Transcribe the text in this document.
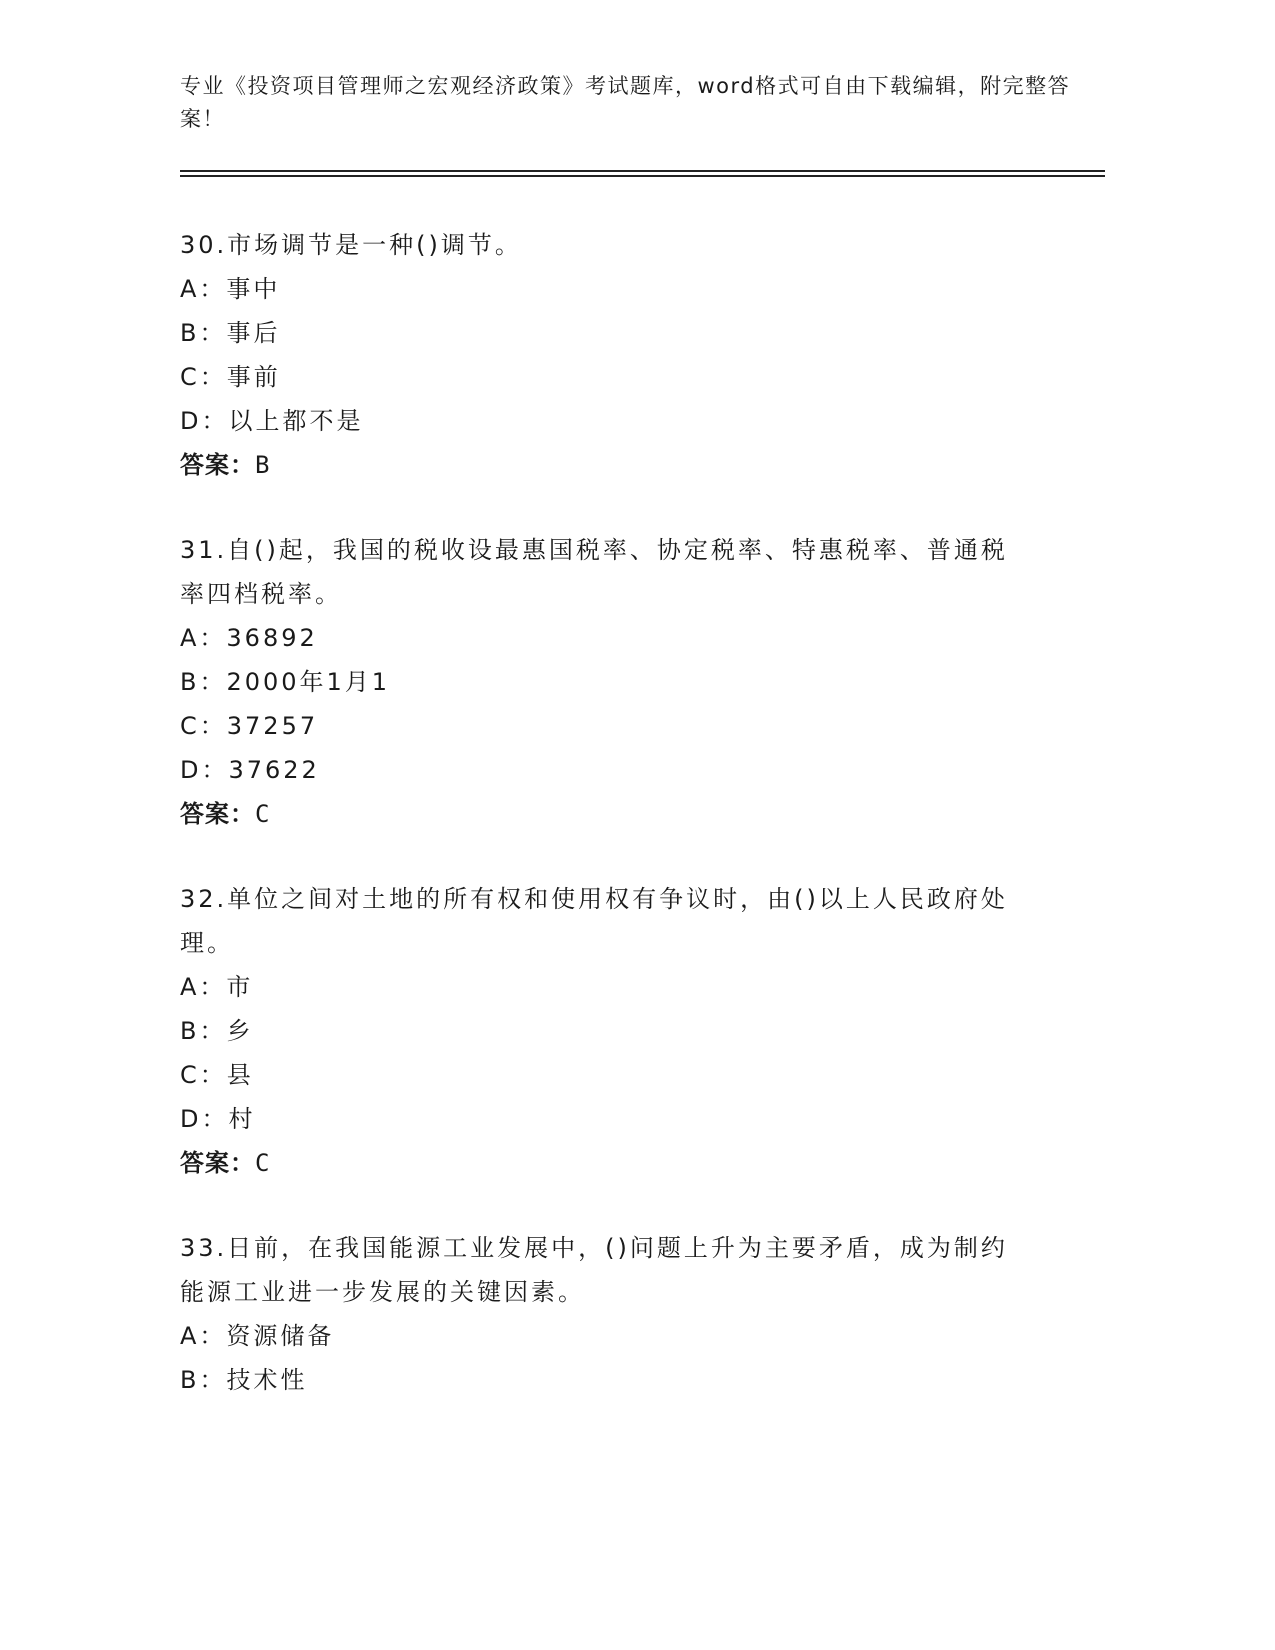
专业《投资项目管理师之宏观经济政策》考试题库，word格式可自由下载编辑，附完整答案！
30.市场调节是一种()调节。
A：事中
B：事后
C：事前
D：以上都不是
答案：B
31.自()起，我国的税收设最惠国税率、协定税率、特惠税率、普通税率四档税率。
A：36892
B：2000年1月1
C：37257
D：37622
答案：C
32.单位之间对土地的所有权和使用权有争议时，由()以上人民政府处理。
A：市
B：乡
C：县
D：村
答案：C
33.日前，在我国能源工业发展中，()问题上升为主要矛盾，成为制约能源工业进一步发展的关键因素。
A：资源储备
B：技术性
